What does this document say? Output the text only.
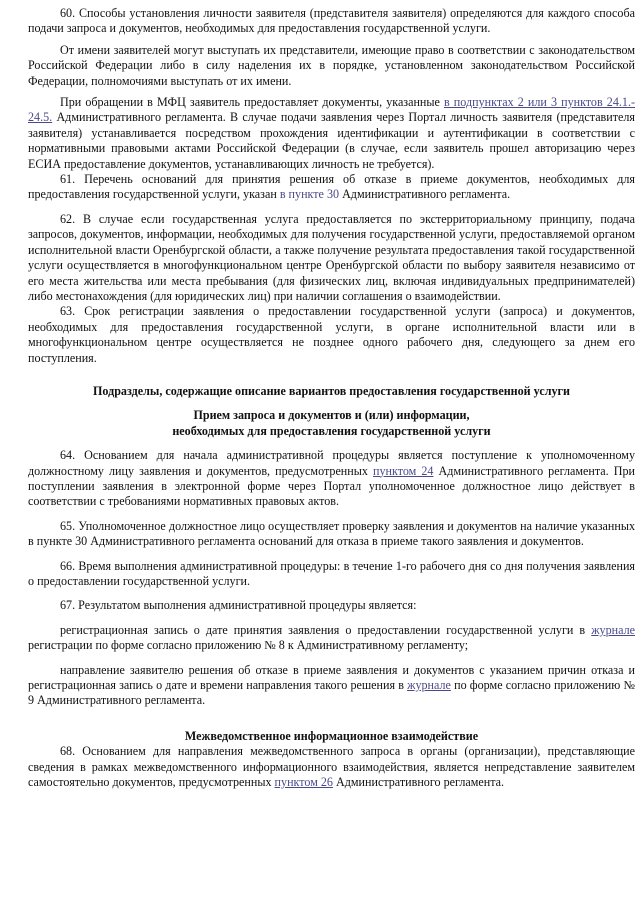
60. Способы установления личности заявителя (представителя заявителя) определяются для каждого способа подачи запроса и документов, необходимых для предоставления государственной услуги.

От имени заявителей могут выступать их представители, имеющие право в соответствии с законодательством Российской Федерации либо в силу наделения их в порядке, установленном законодательством Российской Федерации, полномочиями выступать от их имени.

При обращении в МФЦ заявитель предоставляет документы, указанные в подпунктах 2 или 3 пунктов 24.1.- 24.5. Административного регламента. В случае подачи заявления через Портал личность заявителя (представителя заявителя) устанавливается посредством прохождения идентификации и аутентификации в соответствии с нормативными правовыми актами Российской Федерации (в случае, если заявитель прошел авторизацию через ЕСИА предоставление документов, устанавливающих личность не требуется).

61. Перечень оснований для принятия решения об отказе в приеме документов, необходимых для предоставления государственной услуги, указан в пункте 30 Административного регламента.

62. В случае если государственная услуга предоставляется по экстерриториальному принципу, подача запросов, документов, информации, необходимых для получения государственной услуги, предоставляемой органом исполнительной власти Оренбургской области, а также получение результата предоставления такой государственной услуги осуществляется в многофункциональном центре Оренбургской области по выбору заявителя независимо от его места жительства или места пребывания (для физических лиц, включая индивидуальных предпринимателей) либо местонахождения (для юридических лиц) при наличии соглашения о взаимодействии.

63. Срок регистрации заявления о предоставлении государственной услуги (запроса) и документов, необходимых для предоставления государственной услуги, в органе исполнительной власти или в многофункциональном центре осуществляется не позднее одного рабочего дня, следующего за днем его поступления.

Подразделы, содержащие описание вариантов предоставления государственной услуги

Прием запроса и документов и (или) информации,

необходимых для предоставления государственной услуги

64. Основанием для начала административной процедуры является поступление к уполномоченному должностному лицу заявления и документов, предусмотренных пунктом 24 Административного регламента. При поступлении заявления в электронной форме через Портал уполномоченное должностное лицо действует в соответствии с требованиями нормативных правовых актов.

65. Уполномоченное должностное лицо осуществляет проверку заявления и документов на наличие указанных в пункте 30 Административного регламента оснований для отказа в приеме такого заявления и документов.

66. Время выполнения административной процедуры: в течение 1-го рабочего дня со дня получения заявления о предоставлении государственной услуги.

67. Результатом выполнения административной процедуры является:

регистрационная запись о дате принятия заявления о предоставлении государственной услуги в журнале регистрации по форме согласно приложению № 8 к Административному регламенту;

направление заявителю решения об отказе в приеме заявления и документов с указанием причин отказа и регистрационная запись о дате и времени направления такого решения в журнале по форме согласно приложению № 9 Административного регламента.

Межведомственное информационное взаимодействие

68. Основанием для направления межведомственного запроса в органы (организации), представляющие сведения в рамках межведомственного информационного взаимодействия, является непредставление заявителем самостоятельно документов, предусмотренных пунктом 26 Административного регламента.
